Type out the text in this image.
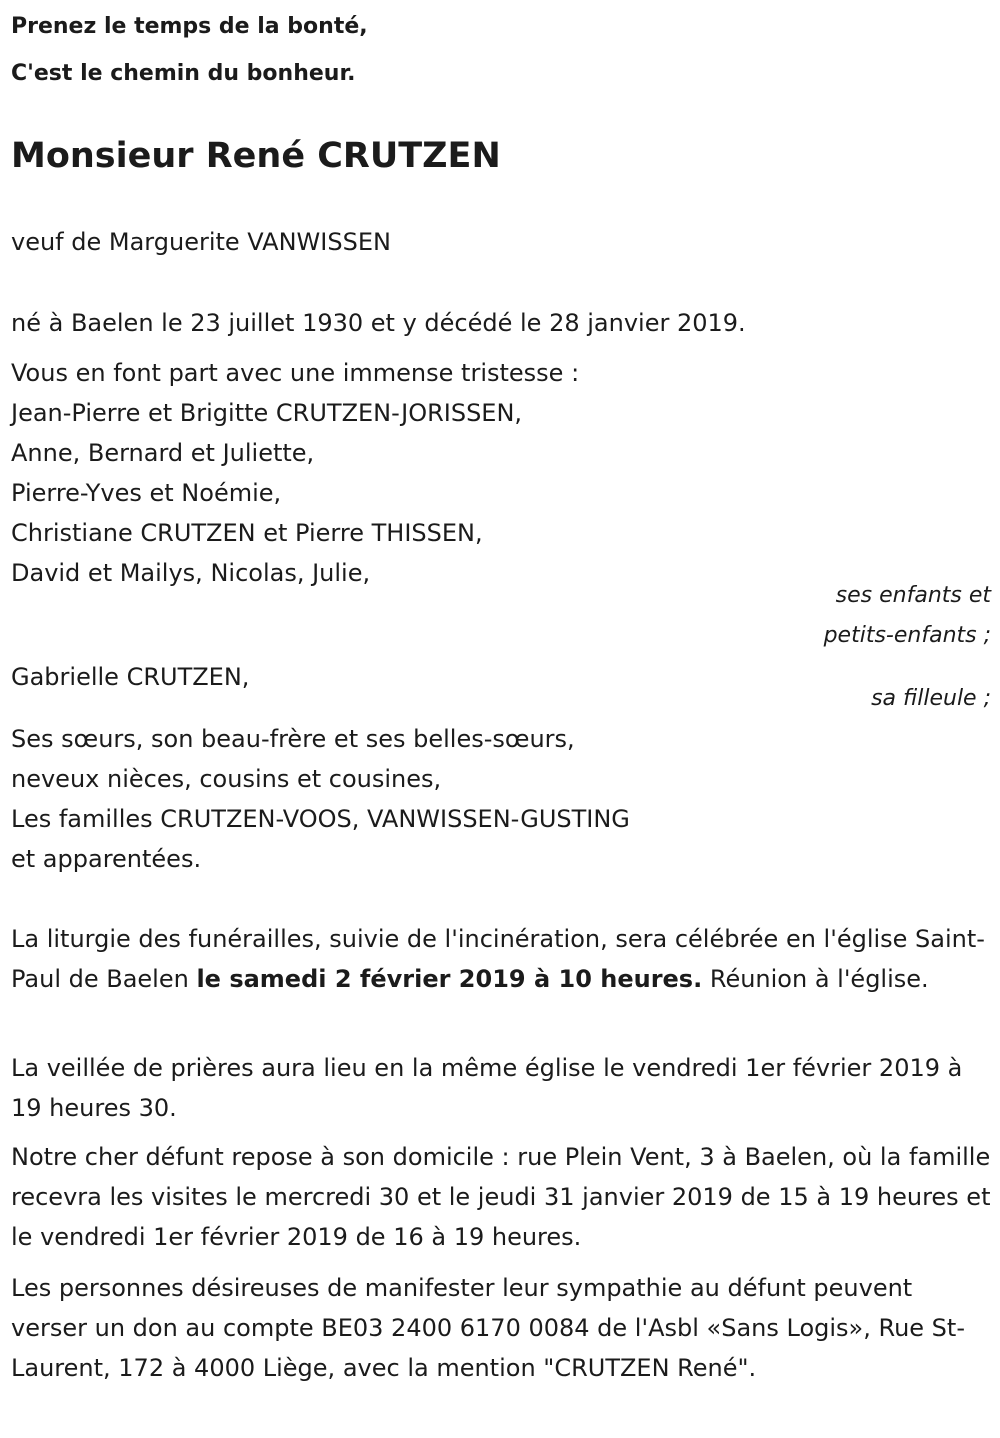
Prenez le temps de la bonté,
C'est le chemin du bonheur.
Monsieur René CRUTZEN
veuf de Marguerite VANWISSEN
né à Baelen le 23 juillet 1930 et y décédé le 28 janvier 2019.
Vous en font part avec une immense tristesse :
Jean-Pierre et Brigitte CRUTZEN-JORISSEN,
Anne, Bernard et Juliette,
Pierre-Yves et Noémie,
Christiane CRUTZEN et Pierre THISSEN,
David et Mailys, Nicolas, Julie,
ses enfants et
petits-enfants ;
Gabrielle CRUTZEN,
sa filleule ;
Ses sœurs, son beau-frère et ses belles-sœurs,
neveux nièces, cousins et cousines,
Les familles CRUTZEN-VOOS, VANWISSEN-GUSTING
et apparentées.
La liturgie des funérailles, suivie de l'incinération, sera célébrée en l'église Saint-Paul de Baelen le samedi 2 février 2019 à 10 heures. Réunion à l'église.
La veillée de prières aura lieu en la même église le vendredi 1er février 2019 à 19 heures 30.
Notre cher défunt repose à son domicile : rue Plein Vent, 3 à Baelen, où la famille recevra les visites le mercredi 30 et le jeudi 31 janvier 2019 de 15 à 19 heures et le vendredi 1er février 2019 de 16 à 19 heures.
Les personnes désireuses de manifester leur sympathie au défunt peuvent verser un don au compte BE03 2400 6170 0084 de l'Asbl «Sans Logis», Rue St-Laurent, 172 à 4000 Liège, avec la mention "CRUTZEN René".
